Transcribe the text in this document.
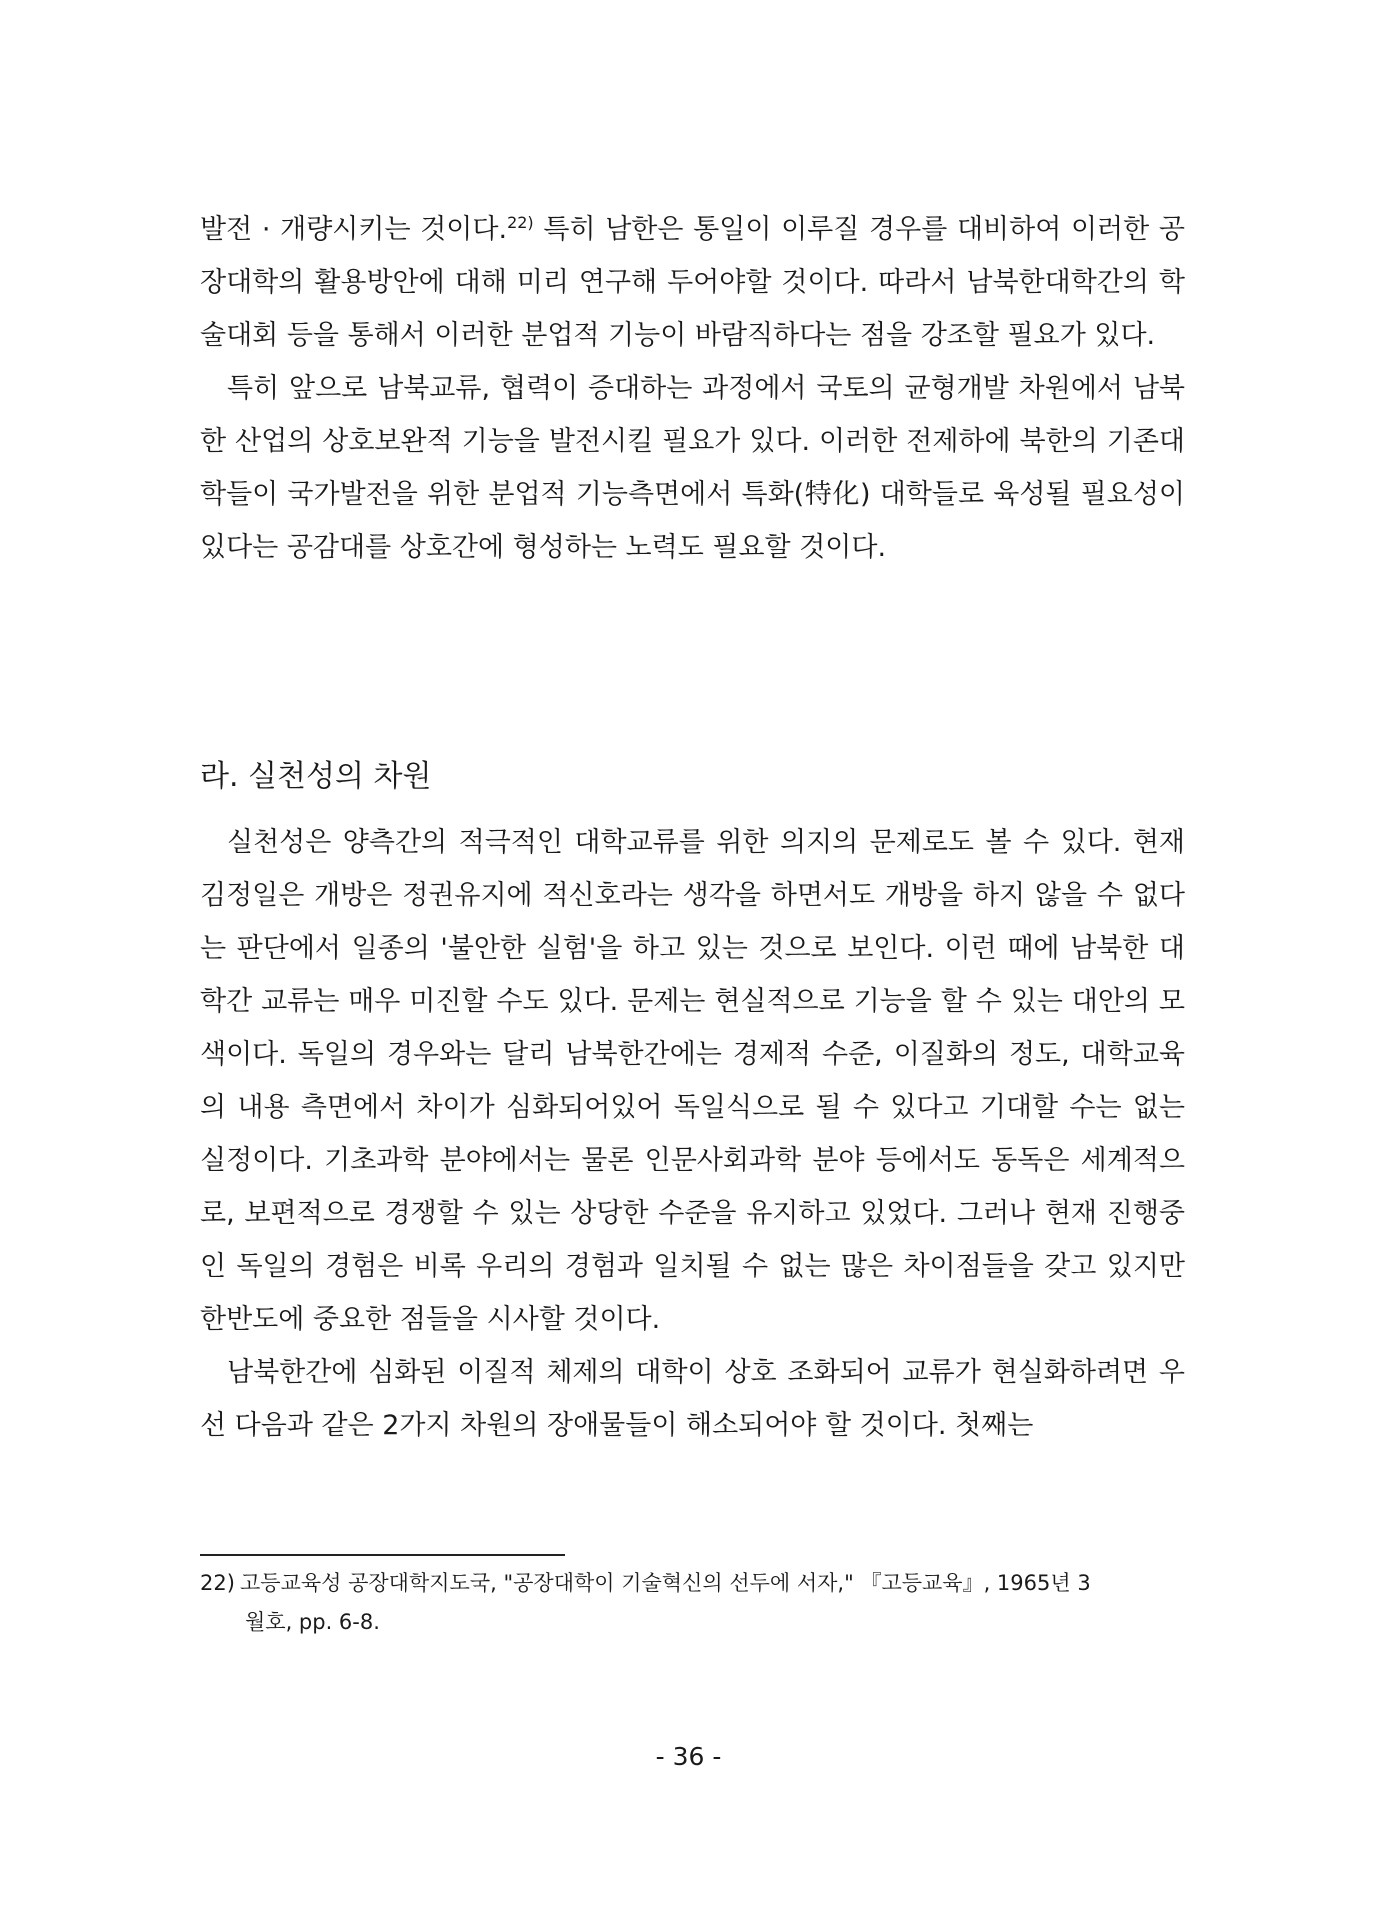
발전 · 개량시키는 것이다.$^{22)}$ 특히 남한은 통일이 이루질 경우를 대비하여 이러한 공장대학의 활용방안에 대해 미리 연구해 두어야할 것이다. 따라서 남북한대학간의 학술대회 등을 통해서 이러한 분업적 기능이 바람직하다는 점을 강조할 필요가 있다.

특히 앞으로 남북교류, 협력이 증대하는 과정에서 국토의 균형개발 차원에서 남북한 산업의 상호보완적 기능을 발전시킬 필요가 있다. 이러한 전제하에 북한의 기존대학들이 국가발전을 위한 분업적 기능측면에서 특화(特化) 대학들로 육성될 필요성이 있다는 공감대를 상호간에 형성하는 노력도 필요할 것이다.

라. 실천성의 차원

실천성은 양측간의 적극적인 대학교류를 위한 의지의 문제로도 볼 수 있다. 현재 김정일은 개방은 정권유지에 적신호라는 생각을 하면서도 개방을 하지 않을 수 없다는 판단에서 일종의 '불안한 실험'을 하고 있는 것으로 보인다. 이런 때에 남북한 대학간 교류는 매우 미진할 수도 있다. 문제는 현실적으로 기능을 할 수 있는 대안의 모색이다. 독일의 경우와는 달리 남북한간에는 경제적 수준, 이질화의 정도, 대학교육의 내용 측면에서 차이가 심화되어있어 독일식으로 될 수 있다고 기대할 수는 없는 실정이다. 기초과학 분야에서는 물론 인문사회과학 분야 등에서도 동독은 세계적으로, 보편적으로 경쟁할 수 있는 상당한 수준을 유지하고 있었다. 그러나 현재 진행중인 독일의 경험은 비록 우리의 경험과 일치될 수 없는 많은 차이점들을 갖고 있지만 한반도에 중요한 점들을 시사할 것이다.

남북한간에 심화된 이질적 체제의 대학이 상호 조화되어 교류가 현실화하려면 우선 다음과 같은 2가지 차원의 장애물들이 해소되어야 할 것이다. 첫째는

22) 고등교육성 공장대학지도국, "공장대학이 기술혁신의 선두에 서자," 『고등교육』, 1965년 3
월호, pp. 6-8.
- 36 -
